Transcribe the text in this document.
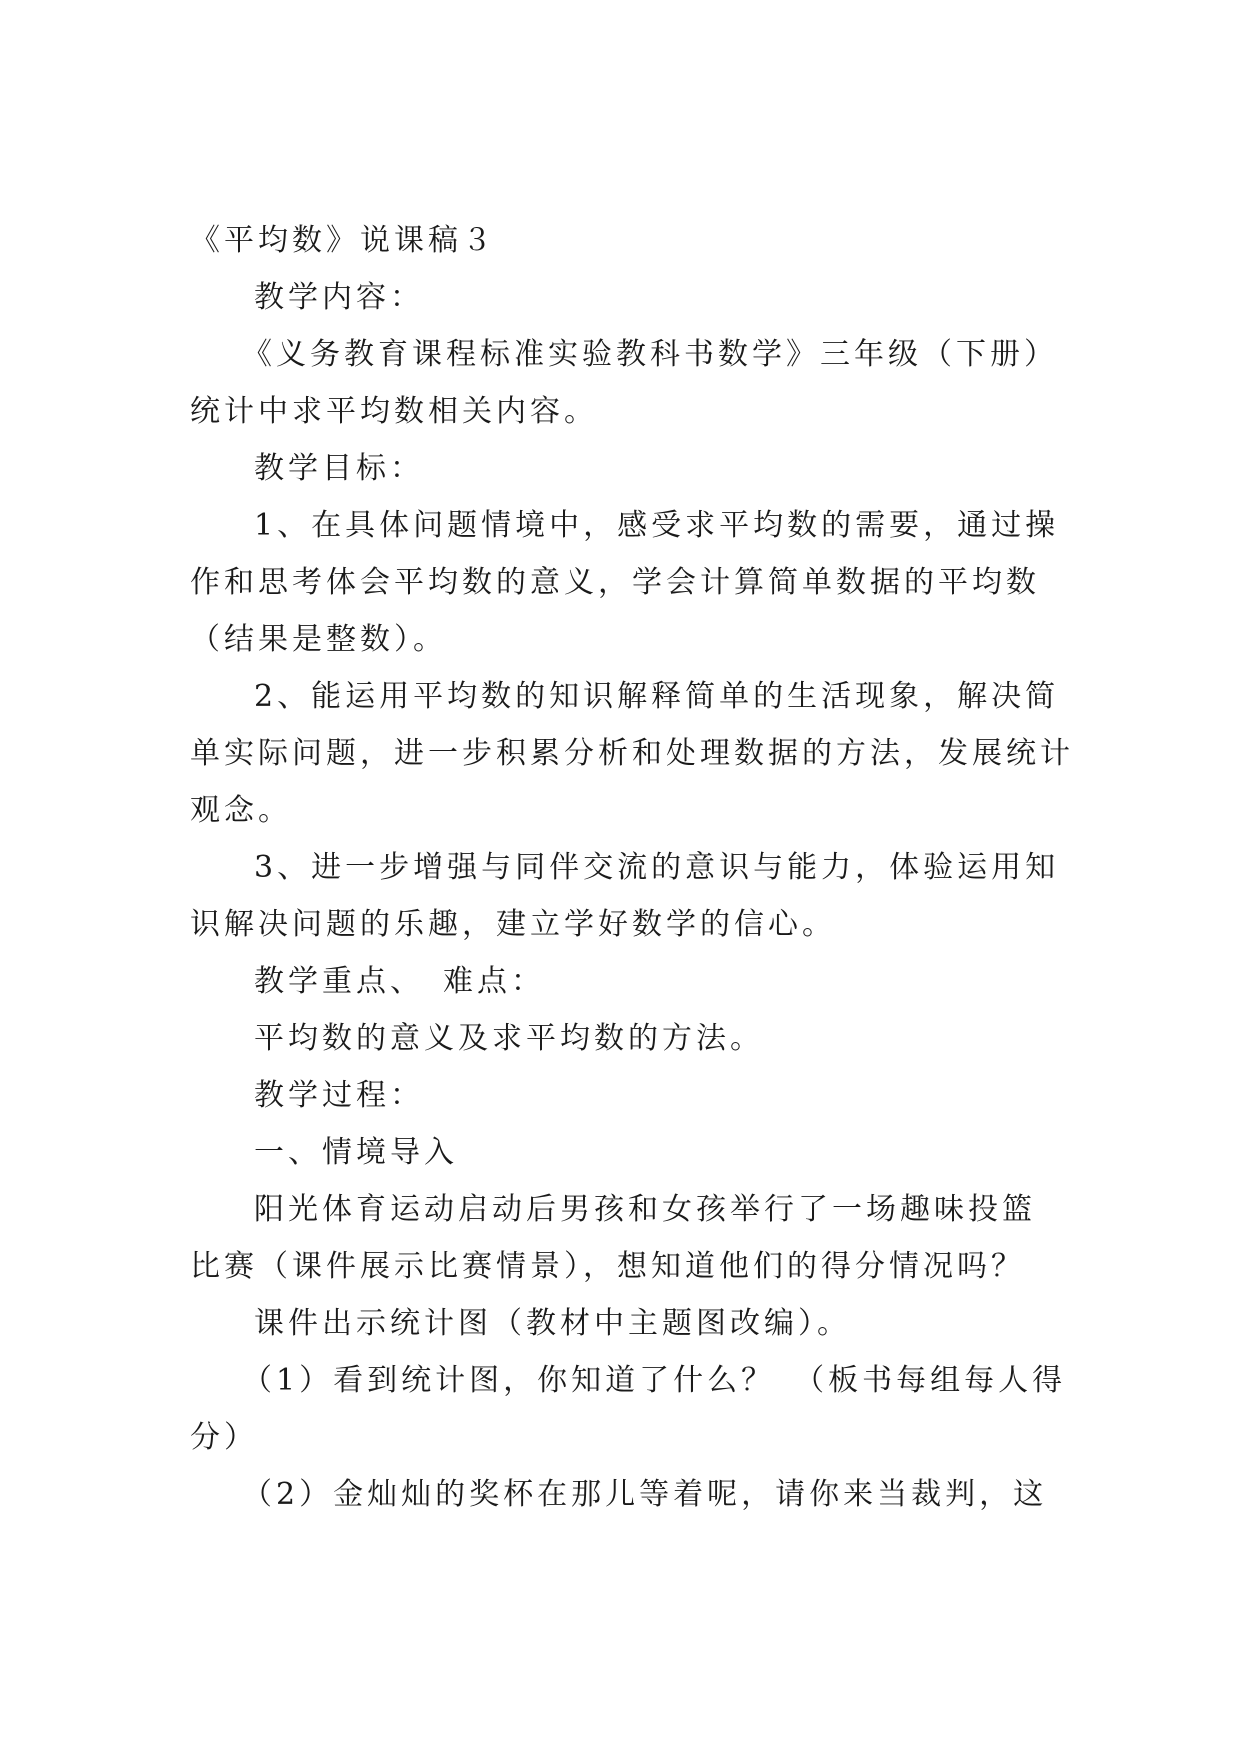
《平均数》说课稿３
教学内容：
《义务教育课程标准实验教科书数学》三年级（下册）
统计中求平均数相关内容。
教学目标：
1、在具体问题情境中，感受求平均数的需要，通过操
作和思考体会平均数的意义，学会计算简单数据的平均数
（结果是整数）。
2、能运用平均数的知识解释简单的生活现象，解决简
单实际问题，进一步积累分析和处理数据的方法，发展统计
观念。
3、进一步增强与同伴交流的意识与能力，体验运用知
识解决问题的乐趣，建立学好数学的信心。
教学重点、　难点：
平均数的意义及求平均数的方法。
教学过程：
一、情境导入
阳光体育运动启动后男孩和女孩举行了一场趣味投篮
比赛（课件展示比赛情景），想知道他们的得分情况吗？
课件出示统计图（教材中主题图改编）。
（1）看到统计图，你知道了什么？　（板书每组每人得
分）
（2）金灿灿的奖杯在那儿等着呢，请你来当裁判，这
